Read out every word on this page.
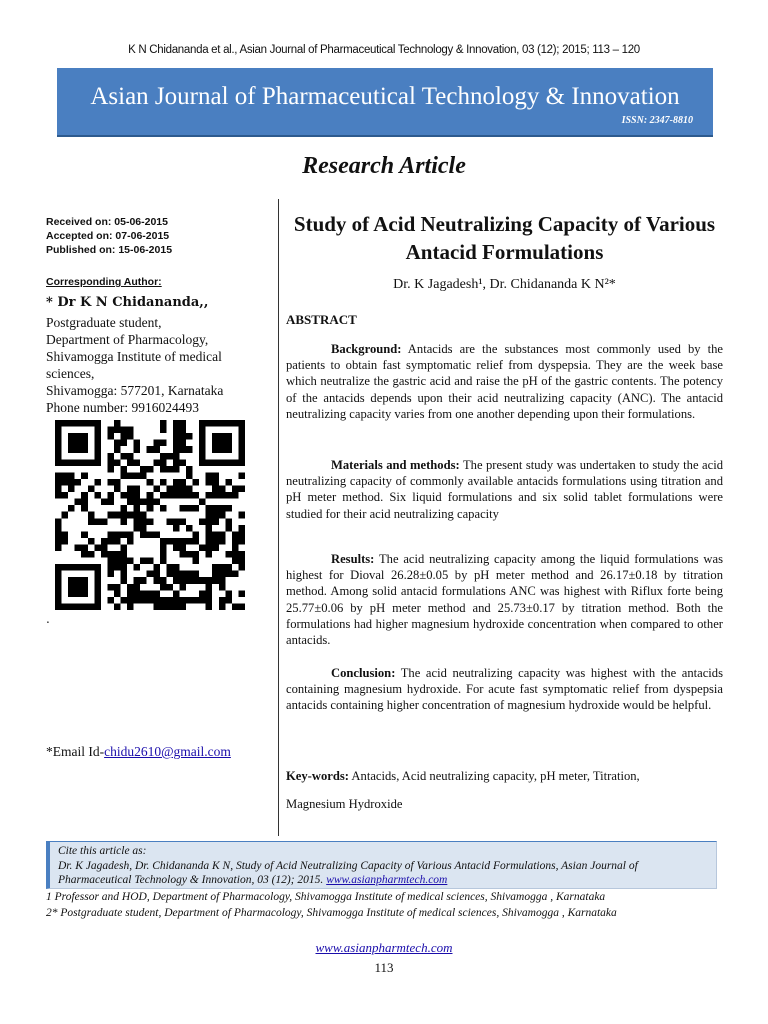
K N Chidananda et al., Asian Journal of Pharmaceutical Technology & Innovation, 03 (12); 2015; 113 – 120
Asian Journal of Pharmaceutical Technology & Innovation
ISSN: 2347-8810
Research Article
Received on: 05-06-2015
Accepted on: 07-06-2015
Published on: 15-06-2015
Corresponding Author:
* Dr K N Chidananda,,
Postgraduate student,
Department of Pharmacology,
Shivamogga Institute of medical sciences,
Shivamogga: 577201, Karnataka
Phone number: 9916024493
.
*Email Id-chidu2610@gmail.com
Study of Acid Neutralizing Capacity of Various Antacid Formulations
Dr. K Jagadesh¹, Dr. Chidananda K N²*
ABSTRACT

Background: Antacids are the substances most commonly used by the patients to obtain fast symptomatic relief from dyspepsia. They are the week base which neutralize the gastric acid and raise the pH of the gastric contents. The potency of the antacids depends upon their acid neutralizing capacity (ANC). The antacid neutralizing capacity varies from one another depending upon their formulations.

Materials and methods: The present study was undertaken to study the acid neutralizing capacity of commonly available antacids formulations using titration and pH meter method. Six liquid formulations and six solid tablet formulations were studied for their acid neutralizing capacity

Results: The acid neutralizing capacity among the liquid formulations was highest for Dioval 26.28±0.05 by pH meter method and 26.17±0.18 by titration method. Among solid antacid formulations ANC was highest with Riflux forte being 25.77±0.06 by pH meter method and 25.73±0.17 by titration method. Both the formulations had higher magnesium hydroxide concentration when compared to other antacids.

Conclusion: The acid neutralizing capacity was highest with the antacids containing magnesium hydroxide. For acute fast symptomatic relief from dyspepsia antacids containing higher concentration of magnesium hydroxide would be helpful.

Key-words: Antacids, Acid neutralizing capacity, pH meter, Titration,
Magnesium Hydroxide
Cite this article as:
Dr. K Jagadesh, Dr. Chidananda K N, Study of Acid Neutralizing Capacity of Various Antacid Formulations, Asian Journal of Pharmaceutical Technology & Innovation, 03 (12); 2015. www.asianpharmtech.com
1 Professor and HOD, Department of Pharmacology, Shivamogga Institute of medical sciences, Shivamogga , Karnataka
2* Postgraduate student, Department of Pharmacology, Shivamogga Institute of medical sciences, Shivamogga , Karnataka
www.asianpharmtech.com
113
